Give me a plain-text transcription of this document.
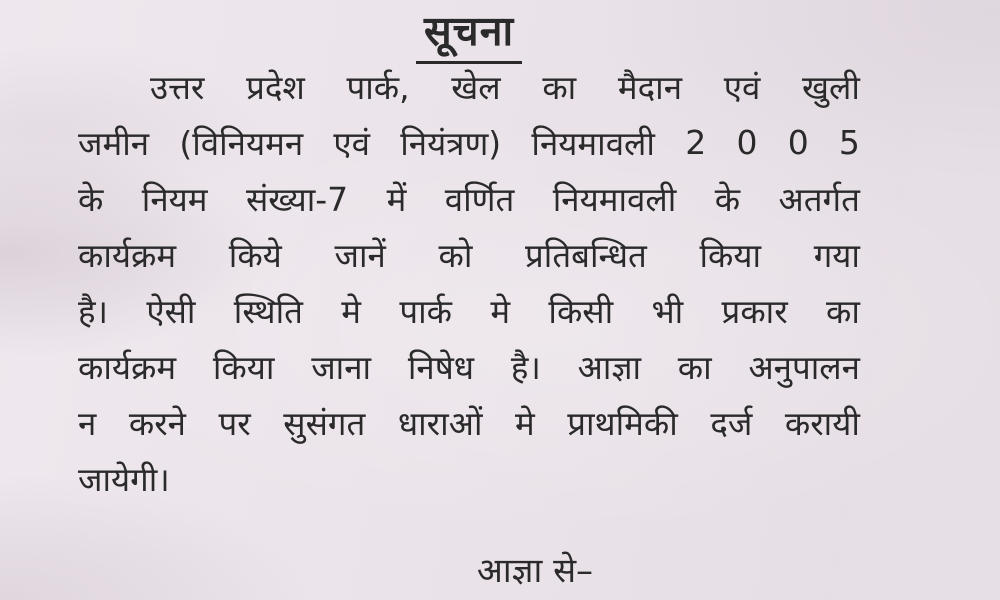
सूचना
उत्तर प्रदेश पार्क, खेल का मैदान एवं खुली
जमीन (विनियमन एवं नियंत्रण) नियमावली 2 0 0 5
के नियम संख्या-7 में वर्णित नियमावली के अतर्गत
कार्यक्रम किये जानें को प्रतिबन्धित किया गया
है। ऐसी स्थिति मे पार्क मे किसी भी प्रकार का
कार्यक्रम किया जाना निषेध है। आज्ञा का अनुपालन
न करने पर सुसंगत धाराओं मे प्राथमिकी दर्ज करायी
जायेगी।
आज्ञा से–
